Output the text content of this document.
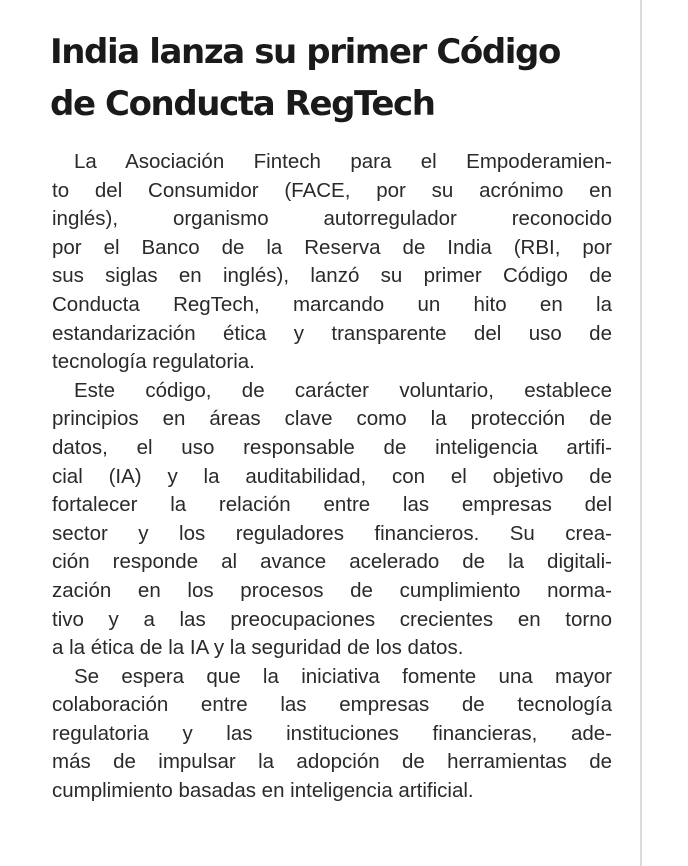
India lanza su primer Código
de Conducta RegTech
La Asociación Fintech para el Empoderamien-
to del Consumidor (FACE, por su acrónimo en
inglés), organismo autorregulador reconocido
por el Banco de la Reserva de India (RBI, por
sus siglas en inglés), lanzó su primer Código de
Conducta RegTech, marcando un hito en la
estandarización ética y transparente del uso de
tecnología regulatoria.
Este código, de carácter voluntario, establece
principios en áreas clave como la protección de
datos, el uso responsable de inteligencia artifi-
cial (IA) y la auditabilidad, con el objetivo de
fortalecer la relación entre las empresas del
sector y los reguladores financieros. Su crea-
ción responde al avance acelerado de la digitali-
zación en los procesos de cumplimiento norma-
tivo y a las preocupaciones crecientes en torno
a la ética de la IA y la seguridad de los datos.
Se espera que la iniciativa fomente una mayor
colaboración entre las empresas de tecnología
regulatoria y las instituciones financieras, ade-
más de impulsar la adopción de herramientas de
cumplimiento basadas en inteligencia artificial.
